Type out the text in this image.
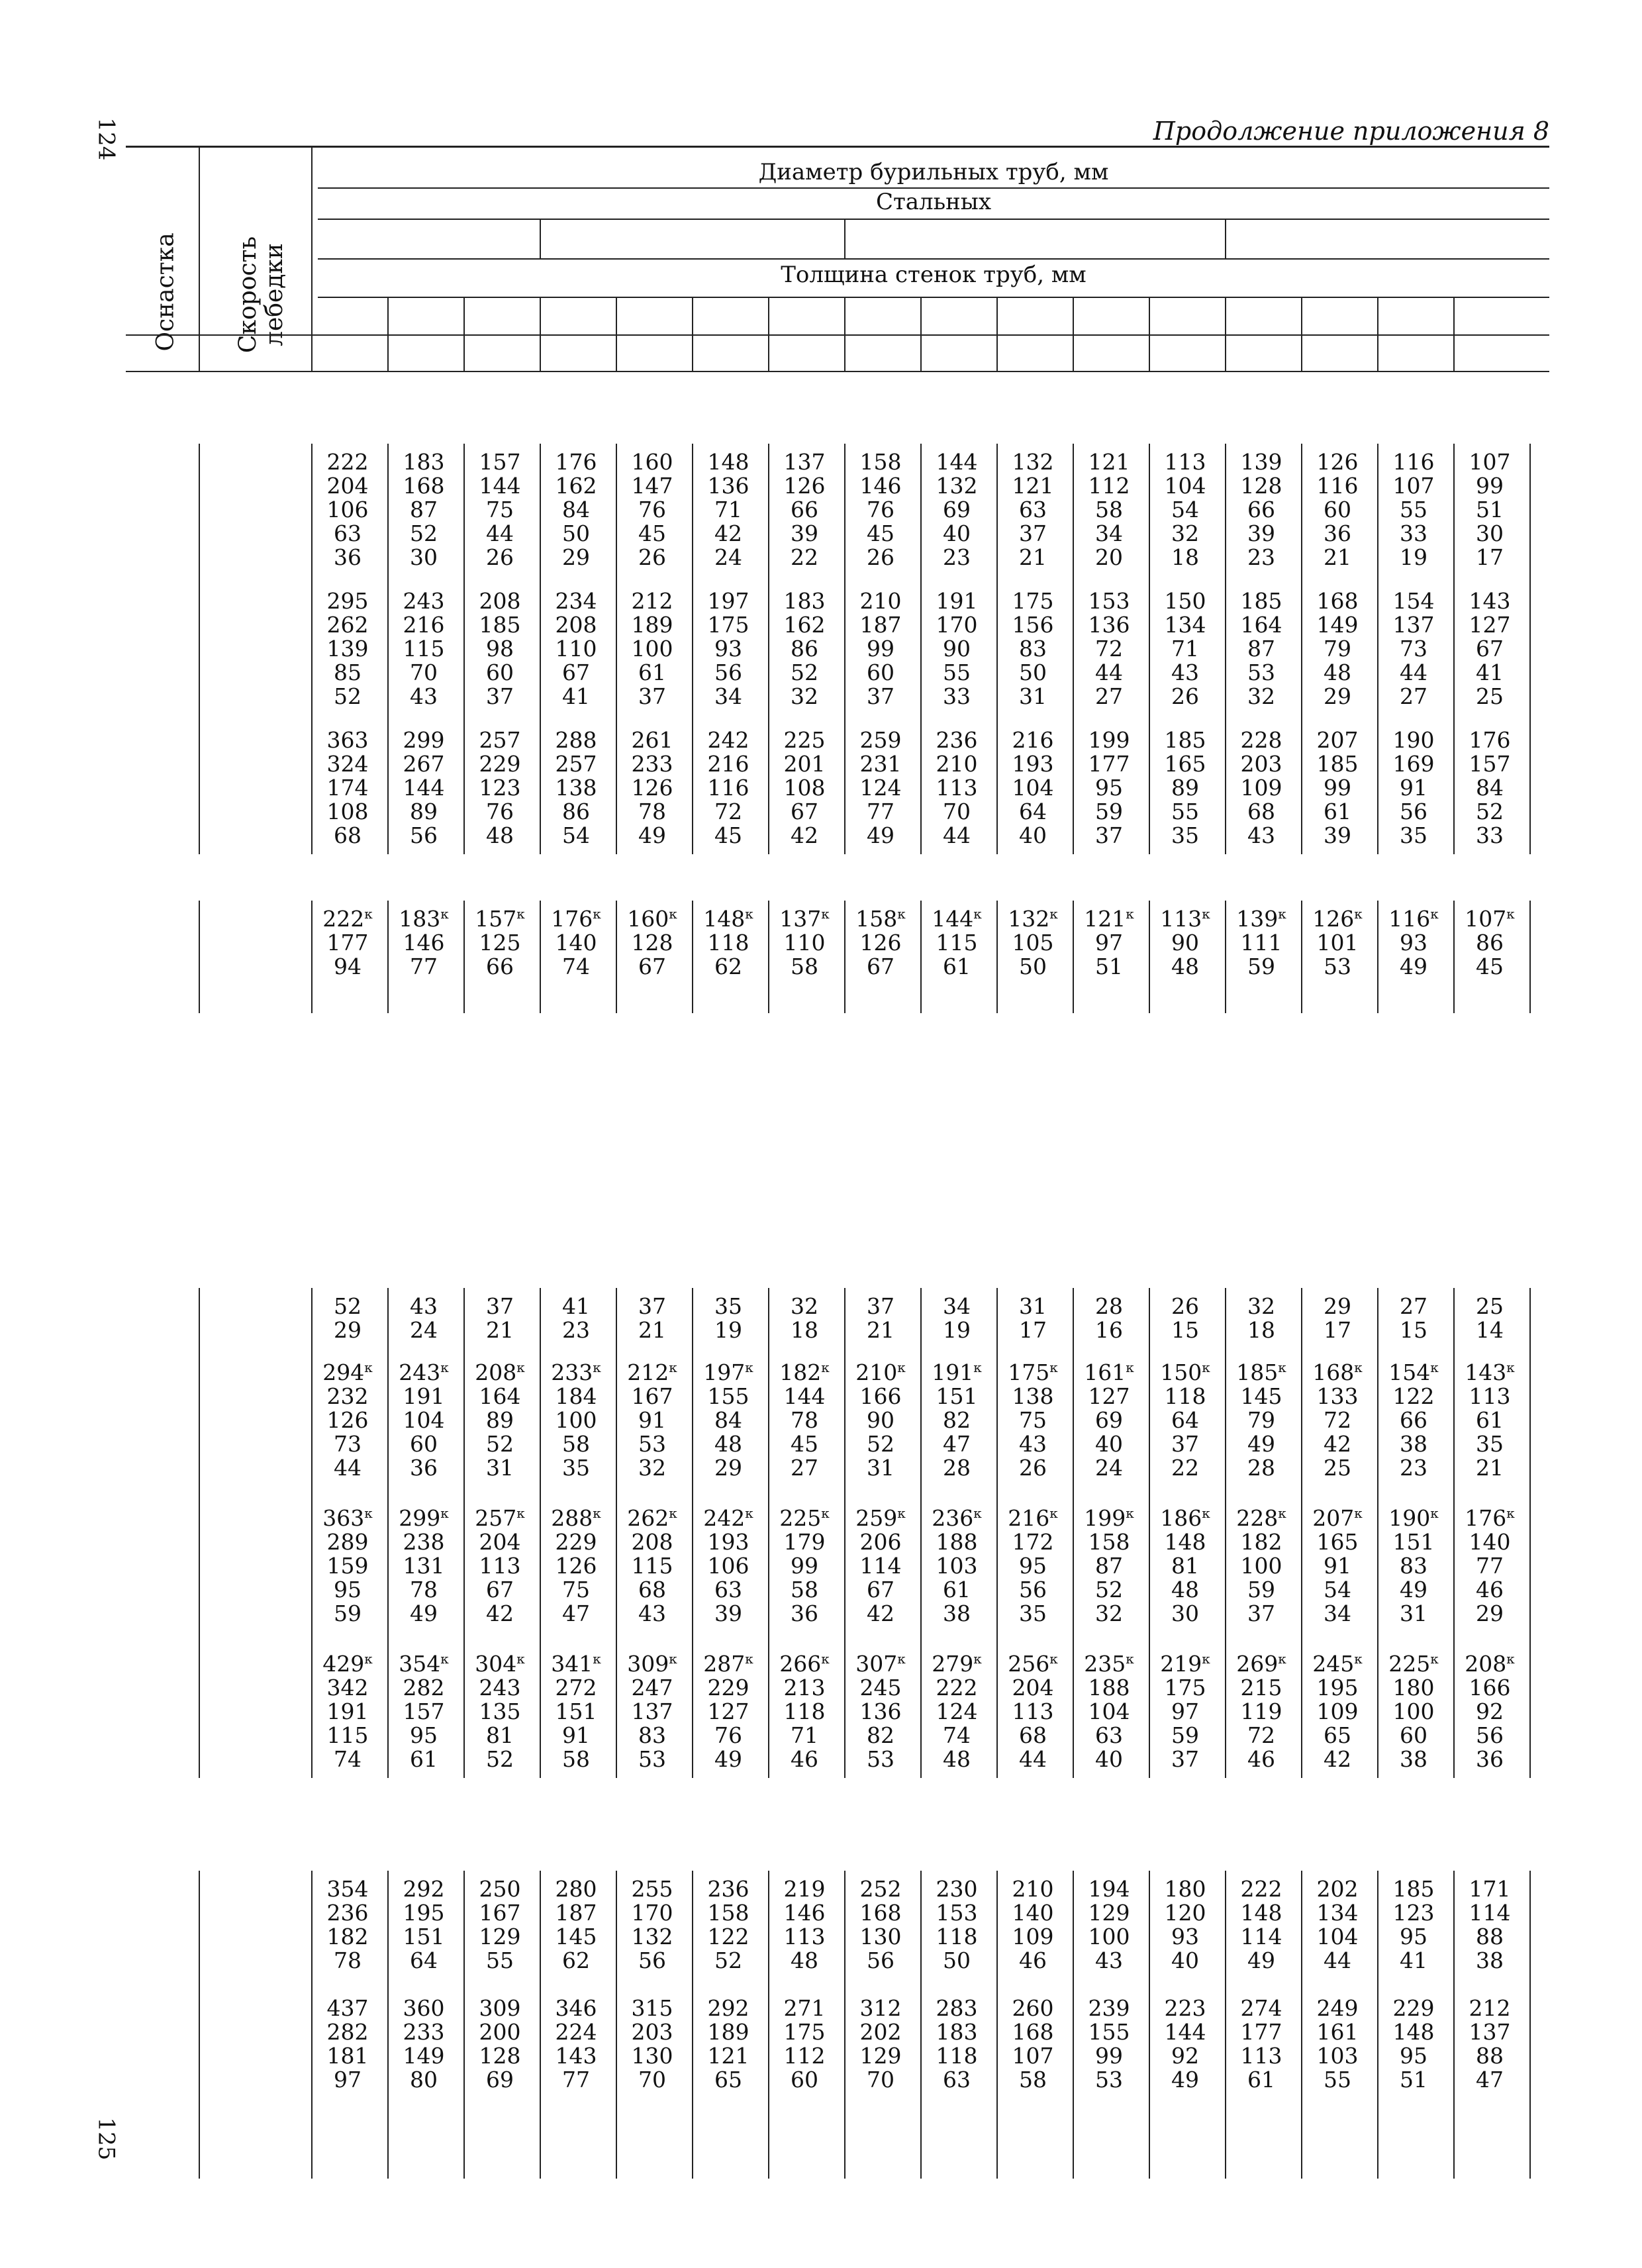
124
125
Продолжение приложения 8
Оснастка Скорость лебедки
Диаметр бурильных труб, мм
Стальных
Толщина стенок труб, мм
222	183	157	176	160	148	137	158	144	132	121	113	139	126	116	107
204	168	144	162	147	136	126	146	132	121	112	104	128	116	107	99
106	87	75	84	76	71	66	76	69	63	58	54	66	60	55	51
63	52	44	50	45	42	39	45	40	37	34	32	39	36	33	30
36	30	26	29	26	24	22	26	23	21	20	18	23	21	19	17
295	243	208	234	212	197	183	210	191	175	153	150	185	168	154	143
262	216	185	208	189	175	162	187	170	156	136	134	164	149	137	127
139	115	98	110	100	93	86	99	90	83	72	71	87	79	73	67
85	70	60	67	61	56	52	60	55	50	44	43	53	48	44	41
52	43	37	41	37	34	32	37	33	31	27	26	32	29	27	25
363	299	257	288	261	242	225	259	236	216	199	185	228	207	190	176
324	267	229	257	233	216	201	231	210	193	177	165	203	185	169	157
174	144	123	138	126	116	108	124	113	104	95	89	109	99	91	84
108	89	76	86	78	72	67	77	70	64	59	55	68	61	56	52
68	56	48	54	49	45	42	49	44	40	37	35	43	39	35	33
$222^к$	$183^к$	$157^к$	$176^к$	$160^к$	$148^к$	$137^к$	$158^к$	$144^к$	$132^к$	$121^к$	$113^к$	$139^к$	$126^к$	$116^к$	$107^к$
177	146	125	140	128	118	110	126	115	105	97	90	111	101	93	86
94	77	66	74	67	62	58	67	61	50	51	48	59	53	49	45
52	43	37	41	37	35	32	37	34	31	28	26	32	29	27	25
29	24	21	23	21	19	18	21	19	17	16	15	18	17	15	14
$294^к$	$243^к$	$208^к$	$233^к$	$212^к$	$197^к$	$182^к$	$210^к$	$191^к$	$175^к$	$161^к$	$150^к$	$185^к$	$168^к$	$154^к$	$143^к$
232	191	164	184	167	155	144	166	151	138	127	118	145	133	122	113
126	104	89	100	91	84	78	90	82	75	69	64	79	72	66	61
73	60	52	58	53	48	45	52	47	43	40	37	49	42	38	35
44	36	31	35	32	29	27	31	28	26	24	22	28	25	23	21
$363^к$	$299^к$	$257^к$	$288^к$	$262^к$	$242^к$	$225^к$	$259^к$	$236^к$	$216^к$	$199^к$	$186^к$	$228^к$	$207^к$	$190^к$	$176^к$
289	238	204	229	208	193	179	206	188	172	158	148	182	165	151	140
159	131	113	126	115	106	99	114	103	95	87	81	100	91	83	77
95	78	67	75	68	63	58	67	61	56	52	48	59	54	49	46
59	49	42	47	43	39	36	42	38	35	32	30	37	34	31	29
$429^к$	$354^к$	$304^к$	$341^к$	$309^к$	$287^к$	$266^к$	$307^к$	$279^к$	$256^к$	$235^к$	$219^к$	$269^к$	$245^к$	$225^к$	$208^к$
342	282	243	272	247	229	213	245	222	204	188	175	215	195	180	166
191	157	135	151	137	127	118	136	124	113	104	97	119	109	100	92
115	95	81	91	83	76	71	82	74	68	63	59	72	65	60	56
74	61	52	58	53	49	46	53	48	44	40	37	46	42	38	36
354	292	250	280	255	236	219	252	230	210	194	180	222	202	185	171
236	195	167	187	170	158	146	168	153	140	129	120	148	134	123	114
182	151	129	145	132	122	113	130	118	109	100	93	114	104	95	88
78	64	55	62	56	52	48	56	50	46	43	40	49	44	41	38
437	360	309	346	315	292	271	312	283	260	239	223	274	249	229	212
282	233	200	224	203	189	175	202	183	168	155	144	177	161	148	137
181	149	128	143	130	121	112	129	118	107	99	92	113	103	95	88
97	80	69	77	70	65	60	70	63	58	53	49	61	55	51	47
